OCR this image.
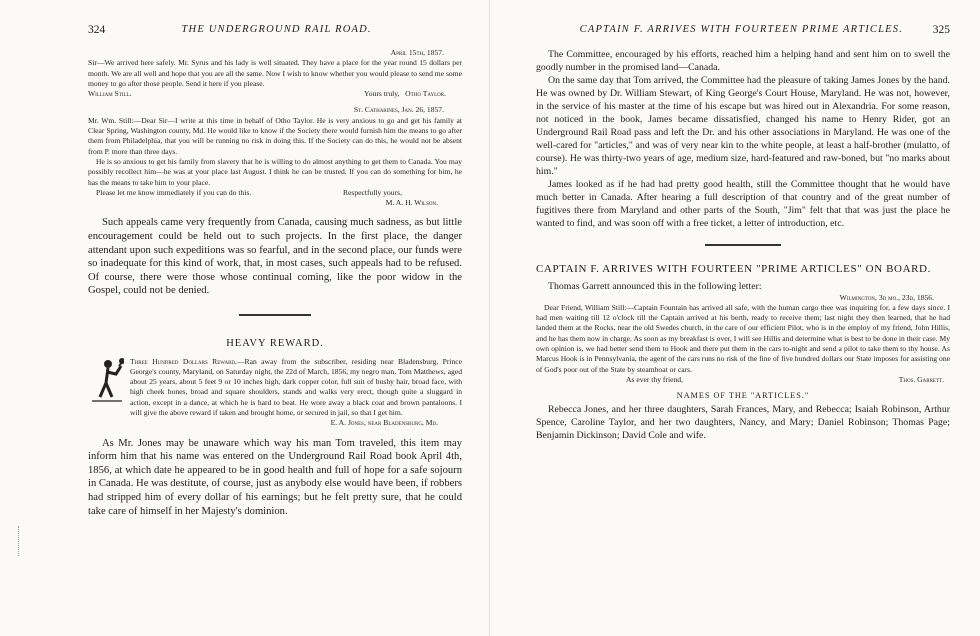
324	THE UNDERGROUND RAIL ROAD.

April 15th, 1857.

Sir—We arrived here safely. Mr. Syrus and his lady is well situated. They have a place for the year round 15 dollars per month. We are all well and hope that you are all the same. Now I wish to know whether you would please to send me some money to go after those people. Send it here if you please.

William Still.	Yours truly, Otho Taylor.

St. Catharines, Jan. 26, 1857.

Mr. Wm. Still:—Dear Sir—I write at this time in behalf of Otho Taylor. He is very anxious to go and get his family at Clear Spring, Washington county, Md. He would like to know if the Society there would furnish him the means to go after them from Philadelphia, that you will be running no risk in doing this. If the Society can do this, he would not be absent from P. more than three days.

He is so anxious to get his family from slavery that he is willing to do almost anything to get them to Canada. You may possibly recollect him—he was at your place last August. I think he can be trusted. If you can do something for him, he has the means to take him to your place.

Please let me know immediately if you can do this.	Respectfully yours,

M. A. H. Wilson.

Such appeals came very frequently from Canada, causing much sadness, as but little encouragement could be held out to such projects. In the first place, the danger attendant upon such expeditions was so fearful, and in the second place, our funds were so inadequate for this kind of work, that, in most cases, such appeals had to be refused. Of course, there were those whose continual coming, like the poor widow in the Gospel, could not be denied.

HEAVY REWARD.
Three Hundred Dollars Reward.—Ran away from the subscriber, residing near Bladensburg, Prince George's county, Maryland, on Saturday night, the 22d of March, 1856, my negro man, Tom Matthews, aged about 25 years, about 5 feet 9 or 10 inches high, dark copper color, full suit of bushy hair, broad face, with high cheek bones, broad and square shoulders, stands and walks very erect, though quite a sluggard in action, except in a dance, at which he is hard to beat. He wore away a black coat and brown pantaloons. I will give the above reward if taken and brought home, or secured in jail, so that I get him.
E. A. Jones, near Bladensburg, Md.

As Mr. Jones may be unaware which way his man Tom traveled, this item may inform him that his name was entered on the Underground Rail Road book April 4th, 1856, at which date he appeared to be in good health and full of hope for a safe sojourn in Canada. He was destitute, of course, just as anybody else would have been, if robbers had stripped him of every dollar of his earnings; but he felt pretty sure, that he could take care of himself in her Majesty's dominion.

CAPTAIN F. ARRIVES WITH FOURTEEN PRIME ARTICLES.	325

The Committee, encouraged by his efforts, reached him a helping hand and sent him on to swell the goodly number in the promised land—Canada.

On the same day that Tom arrived, the Committee had the pleasure of taking James Jones by the hand. He was owned by Dr. William Stewart, of King George's Court House, Maryland. He was not, however, in the service of his master at the time of his escape but was hired out in Alexandria. For some reason, not noticed in the book, James became dissatisfied, changed his name to Henry Rider, got an Underground Rail Road pass and left the Dr. and his other associations in Maryland. He was one of the well-cared for "articles," and was of very near kin to the white people, at least a half-brother (mulatto, of course). He was thirty-two years of age, medium size, hard-featured and raw-boned, but "no marks about him."

James looked as if he had had pretty good health, still the Committee thought that he would have much better in Canada. After hearing a full description of that country and of the great number of fugitives there from Maryland and other parts of the South, "Jim" felt that that was just the place he wanted to find, and was soon off with a free ticket, a letter of introduction, etc.

CAPTAIN F. ARRIVES WITH FOURTEEN "PRIME ARTICLES" ON BOARD.

Thomas Garrett announced this in the following letter:

Wilmington, 3d mo., 23d, 1856.

Dear Friend, William Still:—Captain Fountain has arrived all safe, with the human cargo thee was inquiring for, a few days since. I had men waiting till 12 o'clock till the Captain arrived at his berth, ready to receive them; last night they then learned, that he had landed them at the Rocks, near the old Swedes church, in the care of our efficient Pilot, who is in the employ of my friend, John Hillis, and he has them now in charge. As soon as my breakfast is over, I will see Hillis and determine what is best to be done in their case. My own opinion is, we had better send them to Hook and there put them in the cars to-night and send a pilot to take them to thy house. As Marcus Hook is in Pennsylvania, the agent of the cars runs no risk of the fine of five hundred dollars our State imposes for assisting one of God's poor out of the State by steamboat or cars.

As ever thy friend,	Thos. Garrett.
NAMES OF THE "ARTICLES."

Rebecca Jones, and her three daughters, Sarah Frances, Mary, and Rebecca; Isaiah Robinson, Arthur Spence, Caroline Taylor, and her two daughters, Nancy, and Mary; Daniel Robinson; Thomas Page; Benjamin Dickinson; David Cole and wife.
